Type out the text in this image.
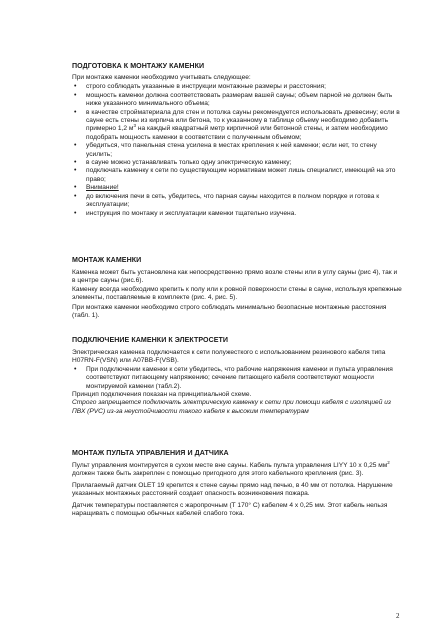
ПОДГОТОВКА К МОНТАЖУ КАМЕНКИ

При монтаже каменки необходимо учитывать следующее:

• строго соблюдать указанные в инструкции монтажные размеры и расстояния;
• мощность каменки должна соответствовать размерам вашей сауны; объем парной не должен быть ниже указанного минимального объема;
• в качестве стройматериала для стен и потолка сауны рекомендуется использовать древесину; если в сауне есть стены из кирпича или бетона, то к указанному в таблице объему необходимо добавить примерно 1,2 $м^3$ на каждый квадратный метр кирпичной или бетонной стены, и затем необходимо подобрать мощность каменки в соответствии с полученным объемом;
• убедиться, что панельная стена усилена в местах крепления к ней каменки; если нет, то стену усилить;
• в сауне можно устанавливать только одну электрическую каменку;
• подключать каменку к сети по существующим нормативам может лишь специалист, имеющий на это право;
• Внимание!
• до включения печи в сеть, убедитесь, что парная сауны находится в полном порядке и готова к эксплуатации;
• инструкция по монтажу и эксплуатации каменки тщательно изучена.
МОНТАЖ КАМЕНКИ

Каменка может быть установлена как непосредственно прямо возле стены или в углу сауны (рис 4), так и в центре сауны (рис.6).

Каменку всегда необходимо крепить к полу или к ровной поверхности стены в сауне, используя крепежные элементы, поставляемые в комплекте (рис. 4, рис. 5).

При монтаже каменки необходимо строго соблюдать минимально безопасные монтажные расстояния (табл. 1).

ПОДКЛЮЧЕНИЕ КАМЕНКИ К ЭЛЕКТРОСЕТИ

Электрическая каменка подключается к сети полужесткого с использованием резинового кабеля типа H07RN-F(VSN) или A07BB-F(VSB).

• При подключении каменки к сети убедитесь, что рабочие напряжения каменки и пульта управления соответствуют питающему напряжению; сечение питающего кабеля соответствуют мощности монтируемой каменки (табл.2).

Принцип подключения показан на принципиальной схеме.

Строго запрещается подключать электрическую каменку к сети при помощи кабеля с изоляцией из ПВХ (PVC) из-за неустойчивости такого кабеля к высоким температурам

МОНТАЖ ПУЛЬТА УПРАВЛЕНИЯ И ДАТЧИКА

Пульт управления монтируется в сухом месте вне сауны. Кабель пульта управления LIYY 10 х 0,25 $мм^2$ должен также быть закреплен с помощью пригодного для этого кабельного крепления (рис. 3).

Прилагаемый датчик OLET 19 крепится к стене сауны прямо над печью, в 40 мм от потолка. Нарушение указанных монтажных расстояний создает опасность возникновения пожара.

Датчик температуры поставляется с жаропрочным (T 170° C) кабелем 4 х 0,25 мм. Этот кабель нельзя наращивать с помощью обычных кабелей слабого тока.

2
